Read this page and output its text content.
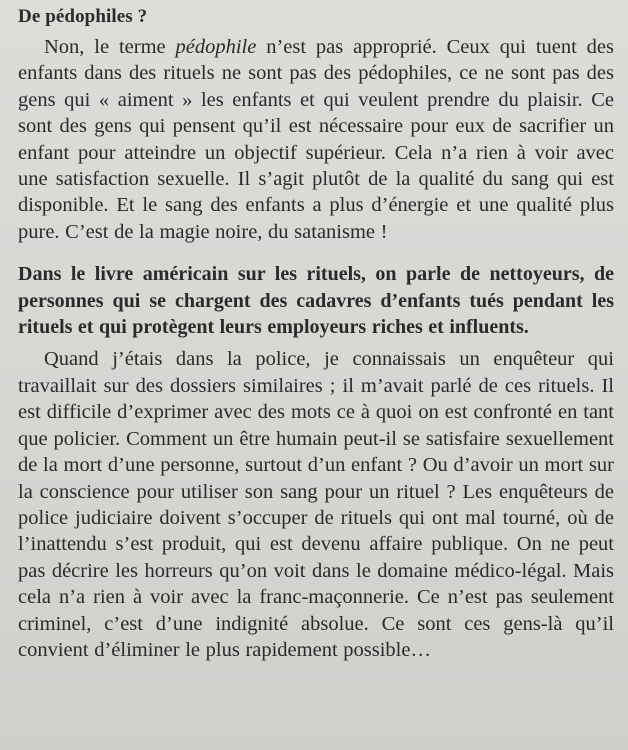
De pédophiles ?

Non, le terme pédophile n’est pas approprié. Ceux qui tuent des enfants dans des rituels ne sont pas des pédophiles, ce ne sont pas des gens qui « aiment » les enfants et qui veulent prendre du plaisir. Ce sont des gens qui pensent qu’il est nécessaire pour eux de sacrifier un enfant pour atteindre un objectif supérieur. Cela n’a rien à voir avec une satisfaction sexuelle. Il s’agit plutôt de la qualité du sang qui est disponible. Et le sang des enfants a plus d’énergie et une qualité plus pure. C’est de la magie noire, du satanisme !

Dans le livre américain sur les rituels, on parle de nettoyeurs, de personnes qui se chargent des cadavres d’enfants tués pendant les rituels et qui protègent leurs employeurs riches et influents.

Quand j’étais dans la police, je connaissais un enquêteur qui travaillait sur des dossiers similaires ; il m’avait parlé de ces rituels. Il est difficile d’exprimer avec des mots ce à quoi on est confronté en tant que policier. Comment un être humain peut-il se satisfaire sexuellement de la mort d’une personne, surtout d’un enfant ? Ou d’avoir un mort sur la conscience pour utiliser son sang pour un rituel ? Les enquêteurs de police judiciaire doivent s’occuper de rituels qui ont mal tourné, où de l’inattendu s’est produit, qui est devenu affaire publique. On ne peut pas décrire les horreurs qu’on voit dans le domaine médico-légal. Mais cela n’a rien à voir avec la franc-maçonnerie. Ce n’est pas seulement criminel, c’est d’une indignité absolue. Ce sont ces gens-là qu’il convient d’éliminer le plus rapidement possible…
